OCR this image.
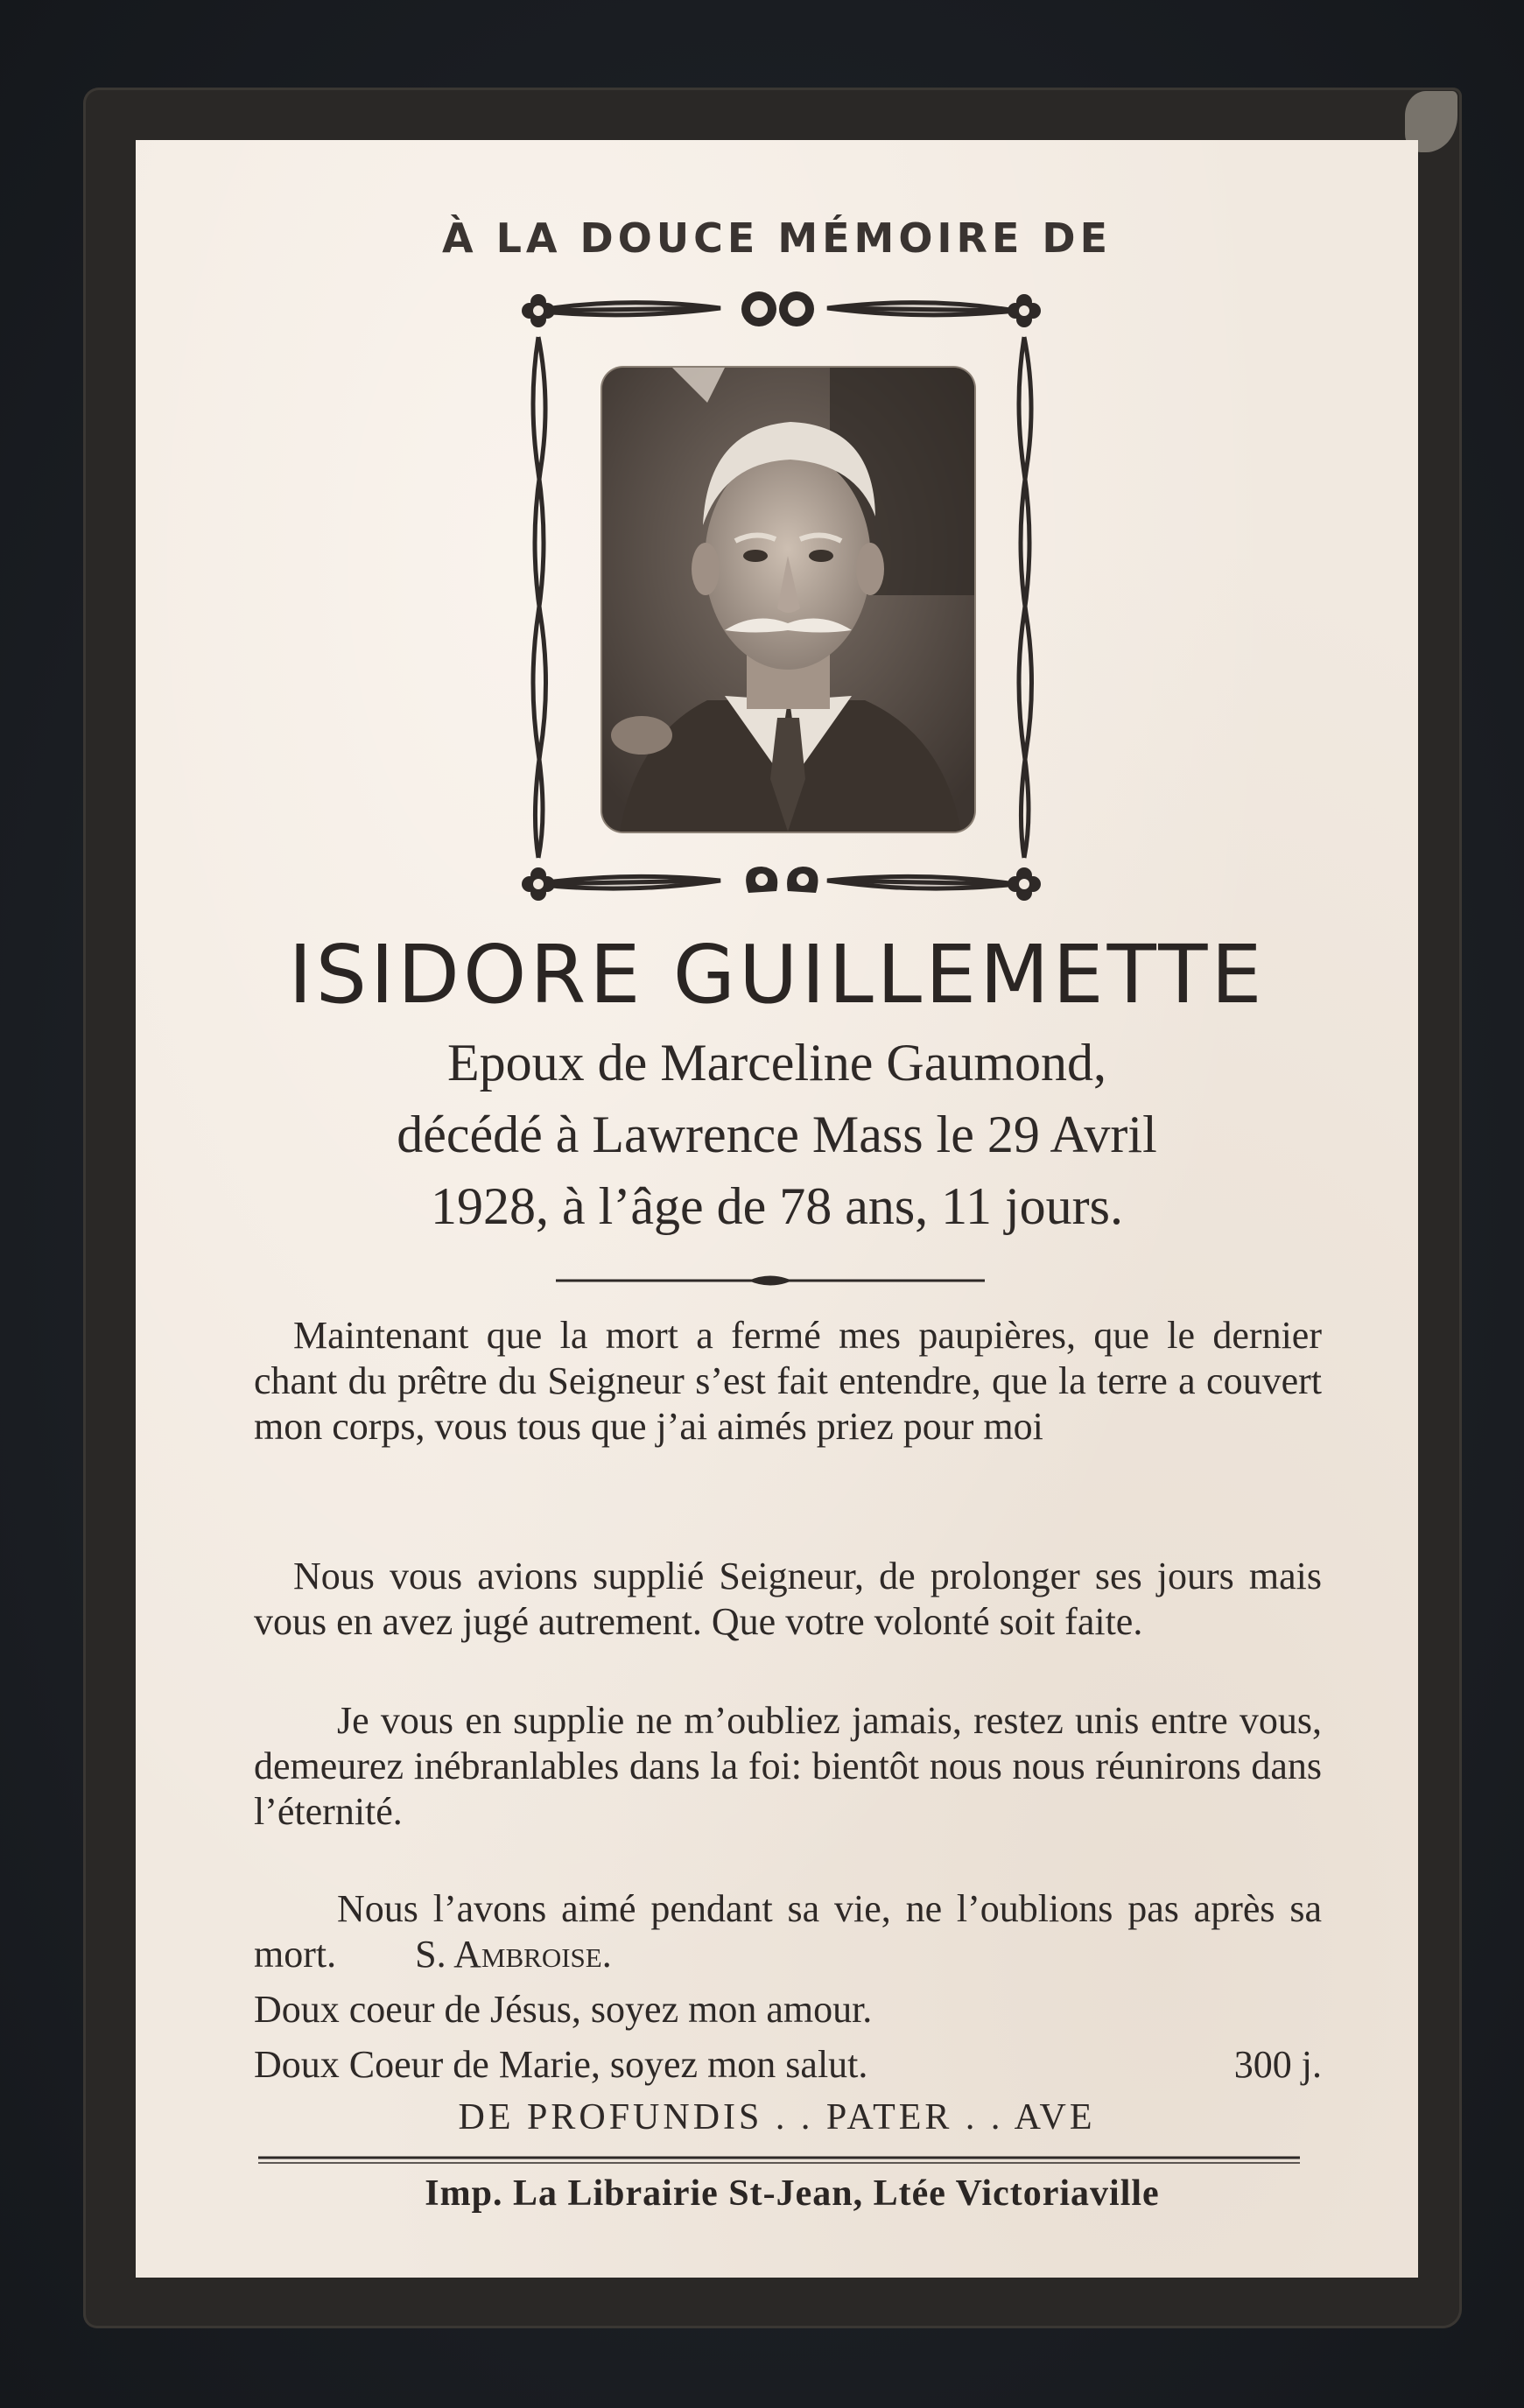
À LA DOUCE MÉMOIRE DE
ISIDORE GUILLEMETTE
Epoux de Marceline Gaumond,
décédé à Lawrence Mass le 29 Avril
1928, à l’âge de 78 ans, 11 jours.
Maintenant que la mort a fermé mes paupières, que le dernier chant du prêtre du Seigneur s’est fait entendre, que la terre a couvert mon corps, vous tous que j’ai aimés priez pour moi
Nous vous avions supplié Seigneur, de prolonger ses jours mais vous en avez jugé autrement. Que votre volonté soit faite.
Je vous en supplie ne m’oubliez jamais, restez unis entre vous, demeurez inébranlables dans la foi: bientôt nous nous réunirons dans l’éternité.
Nous l’avons aimé pendant sa vie, ne l’oublions pas après sa mort. S. Ambroise.
Doux coeur de Jésus, soyez mon amour.
Doux Coeur de Marie, soyez mon salut.	300 j.
DE PROFUNDIS . . PATER . . AVE
Imp. La Librairie St-Jean, Ltée Victoriaville
